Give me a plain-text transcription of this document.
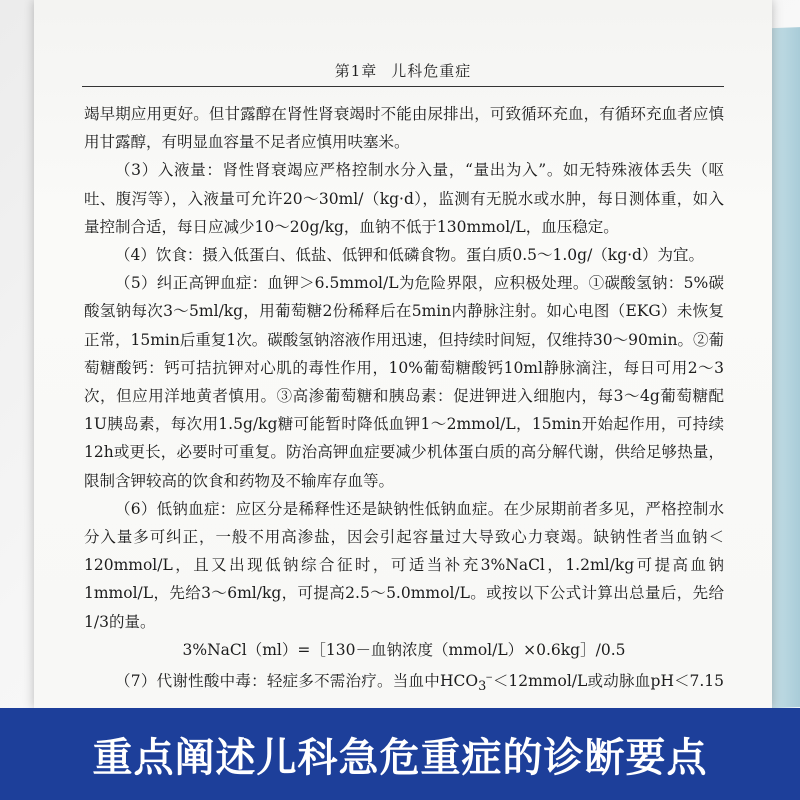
第1章 儿科危重症

竭早期应用更好。但甘露醇在肾性肾衰竭时不能由尿排出，可致循环充血，有循环充血者应慎用甘露醇，有明显血容量不足者应慎用呋塞米。

（3）入液量：肾性肾衰竭应严格控制水分入量，“量出为入”。如无特殊液体丢失（呕吐、腹泻等），入液量可允许20～30ml/（kg·d），监测有无脱水或水肿，每日测体重，如入量控制合适，每日应减少10～20g/kg，血钠不低于130mmol/L，血压稳定。

（4）饮食：摄入低蛋白、低盐、低钾和低磷食物。蛋白质0.5～1.0g/（kg·d）为宜。

（5）纠正高钾血症：血钾＞6.5mmol/L为危险界限，应积极处理。①碳酸氢钠：5%碳酸氢钠每次3～5ml/kg，用葡萄糖2份稀释后在5min内静脉注射。如心电图（EKG）未恢复正常，15min后重复1次。碳酸氢钠溶液作用迅速，但持续时间短，仅维持30～90min。②葡萄糖酸钙：钙可拮抗钾对心肌的毒性作用，10%葡萄糖酸钙10ml静脉滴注，每日可用2～3次，但应用洋地黄者慎用。③高渗葡萄糖和胰岛素：促进钾进入细胞内，每3～4g葡萄糖配1U胰岛素，每次用1.5g/kg糖可能暂时降低血钾1～2mmol/L，15min开始起作用，可持续12h或更长，必要时可重复。防治高钾血症要减少机体蛋白质的高分解代谢，供给足够热量，限制含钾较高的饮食和药物及不输库存血等。

（6）低钠血症：应区分是稀释性还是缺钠性低钠血症。在少尿期前者多见，严格控制水分入量多可纠正，一般不用高渗盐，因会引起容量过大导致心力衰竭。缺钠性者当血钠＜120mmol/L，且又出现低钠综合征时，可适当补充3%NaCl，1.2ml/kg可提高血钠1mmol/L，先给3～6ml/kg，可提高2.5～5.0mmol/L。或按以下公式计算出总量后，先给1/3的量。

3%NaCl（ml）=［130－血钠浓度（mmol/L）×0.6kg］/0.5

（7）代谢性酸中毒：轻症多不需治疗。当血中$HCO_3^-<12mmol/L$或动脉血pH＜7.15

重点阐述儿科急危重症的诊断要点
